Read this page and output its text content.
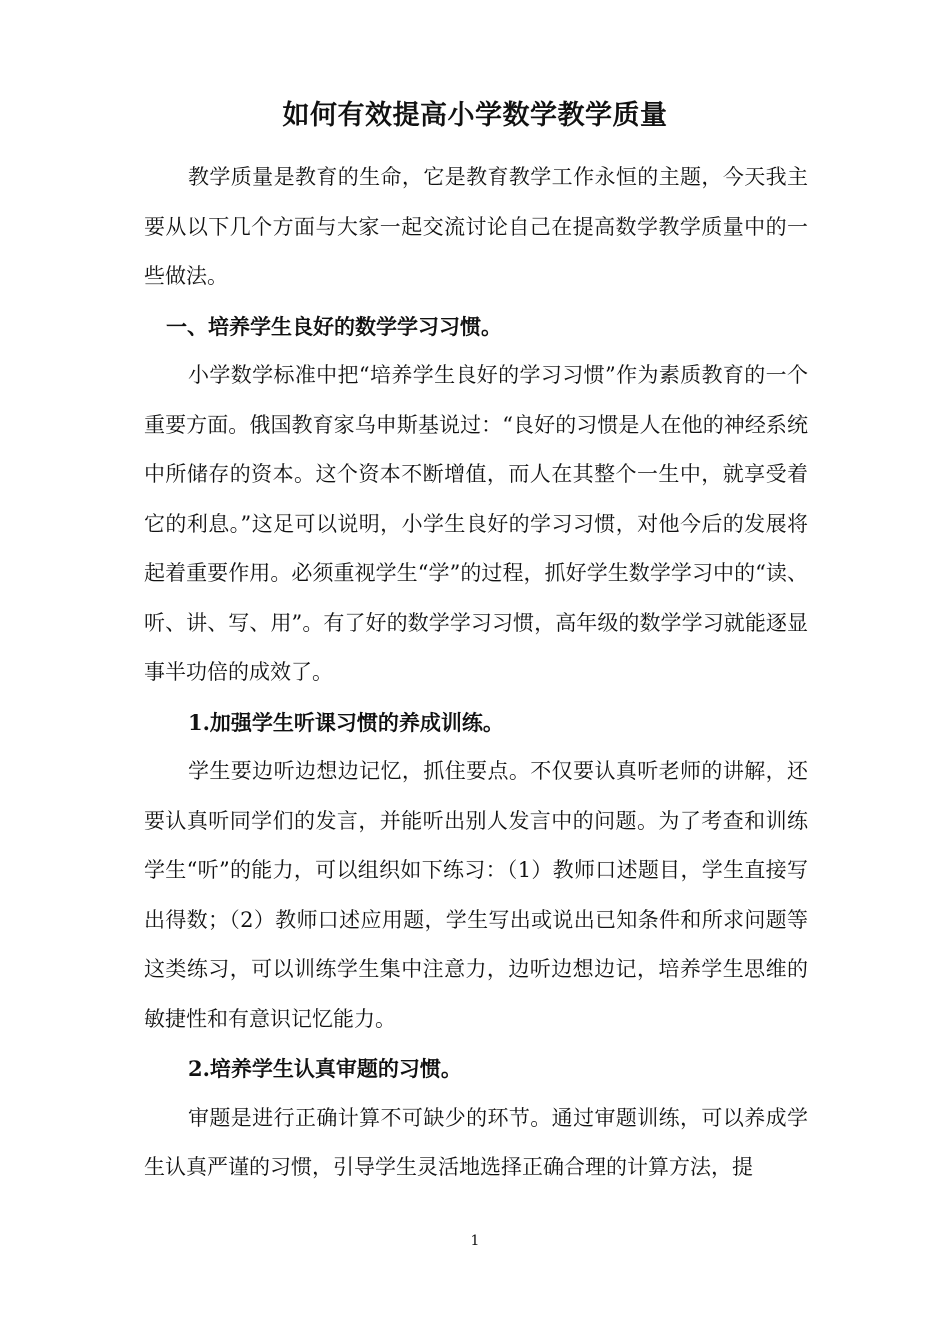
如何有效提高小学数学教学质量

教学质量是教育的生命，它是教育教学工作永恒的主题，今天我主要从以下几个方面与大家一起交流讨论自己在提高数学教学质量中的一些做法。

一、培养学生良好的数学学习习惯。

小学数学标准中把“培养学生良好的学习习惯”作为素质教育的一个重要方面。俄国教育家乌申斯基说过：“良好的习惯是人在他的神经系统中所储存的资本。这个资本不断增值，而人在其整个一生中，就享受着它的利息。”这足可以说明，小学生良好的学习习惯，对他今后的发展将起着重要作用。必须重视学生“学”的过程，抓好学生数学学习中的“读、听、讲、写、用”。有了好的数学学习习惯，高年级的数学学习就能逐显事半功倍的成效了。

1.加强学生听课习惯的养成训练。

学生要边听边想边记忆，抓住要点。不仅要认真听老师的讲解，还要认真听同学们的发言，并能听出别人发言中的问题。为了考查和训练学生“听”的能力，可以组织如下练习：（1）教师口述题目，学生直接写出得数；（2）教师口述应用题，学生写出或说出已知条件和所求问题等这类练习，可以训练学生集中注意力，边听边想边记，培养学生思维的敏捷性和有意识记忆能力。

2.培养学生认真审题的习惯。

审题是进行正确计算不可缺少的环节。通过审题训练，可以养成学生认真严谨的习惯，引导学生灵活地选择正确合理的计算方法，提

1
